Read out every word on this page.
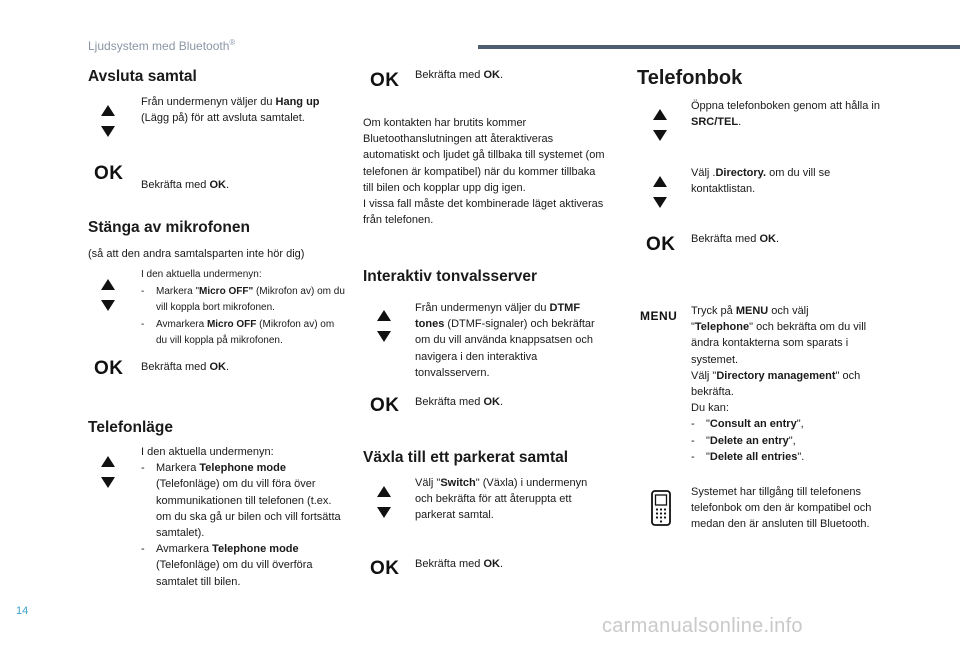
Ljudsystem med Bluetooth®
Avsluta samtal
Från undermenyn väljer du Hang up (Lägg på) för att avsluta samtalet.
OK
Bekräfta med OK.
Stänga av mikrofonen
(så att den andra samtalsparten inte hör dig)
I den aktuella undermenyn:
-	Markera "Micro OFF" (Mikrofon av) om du vill koppla bort mikrofonen.
-	Avmarkera Micro OFF (Mikrofon av) om du vill koppla på mikrofonen.
OK Bekräfta med OK.
Telefonläge
I den aktuella undermenyn:
-	Markera Telephone mode (Telefonläge) om du vill föra över kommunikationen till telefonen (t.ex. om du ska gå ur bilen och vill fortsätta samtalet).
-	Avmarkera Telephone mode (Telefonläge) om du vill överföra samtalet till bilen.
OK Bekräfta med OK.
Om kontakten har brutits kommer Bluetoothanslutningen att återaktiveras automatiskt och ljudet gå tillbaka till systemet (om telefonen är kompatibel) när du kommer tillbaka till bilen och kopplar upp dig igen.
I vissa fall måste det kombinerade läget aktiveras från telefonen.
Interaktiv tonvalsserver
Från undermenyn väljer du DTMF tones (DTMF-signaler) och bekräftar om du vill använda knappsatsen och navigera i den interaktiva tonvalsservern.
OK Bekräfta med OK.
Växla till ett parkerat samtal
Välj "Switch" (Växla) i undermenyn och bekräfta för att återuppta ett parkerat samtal.
OK Bekräfta med OK.
Telefonbok
Öppna telefonboken genom att hålla in SRC/TEL.
Välj .Directory. om du vill se kontaktlistan.
OK Bekräfta med OK.
MENU Tryck på MENU och välj
"Telephone" och bekräfta om du vill ändra kontakterna som sparats i systemet.
Välj "Directory management" och bekräfta.
Du kan:
-	"Consult an entry",
-	"Delete an entry",
-	"Delete all entries".
Systemet har tillgång till telefonens telefonbok om den är kompatibel och medan den är ansluten till Bluetooth.
14
carmanualsonline.info
